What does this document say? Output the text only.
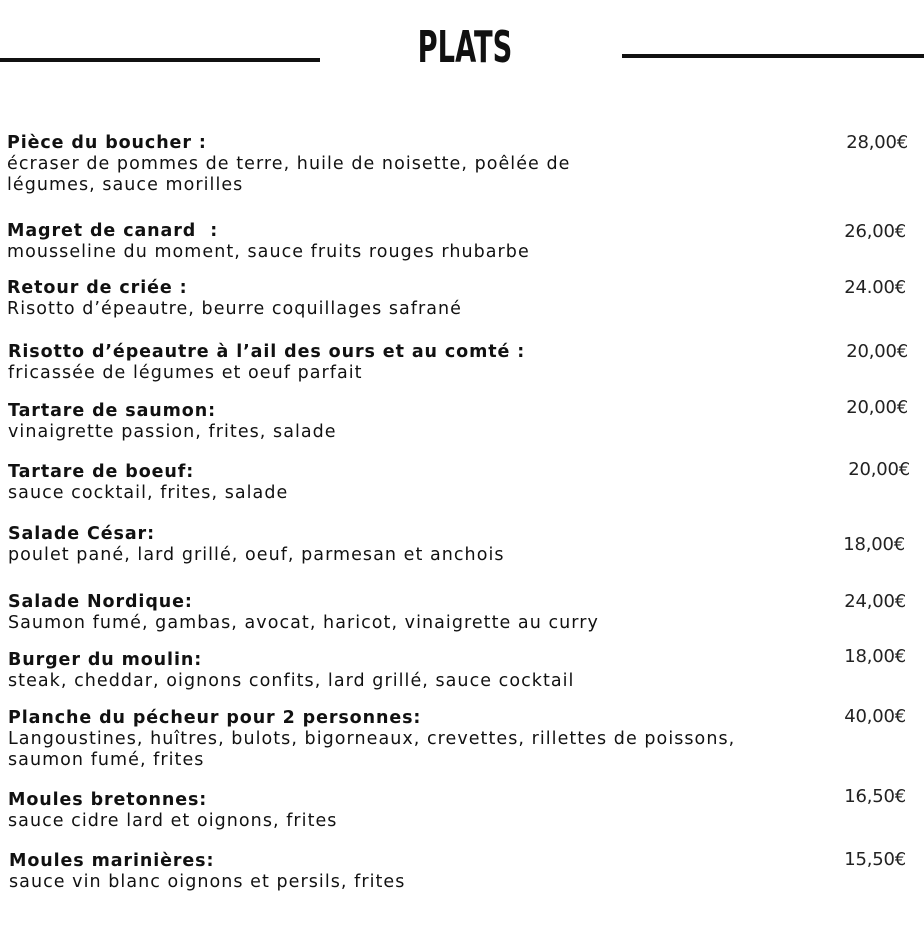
PLATS
Pièce du boucher :
écraser de pommes de terre, huile de noisette, poêlée de
légumes, sauce morilles
28,00€
Magret de canard  :
mousseline du moment, sauce fruits rouges rhubarbe
26,00€
Retour de criée :
Risotto d’épeautre, beurre coquillages safrané
24.00€
Risotto d’épeautre à l’ail des ours et au comté :
fricassée de légumes et oeuf parfait
20,00€
Tartare de saumon:
vinaigrette passion, frites, salade
20,00€
Tartare de boeuf:
sauce cocktail, frites, salade
20,00€
Salade César:
poulet pané, lard grillé, oeuf, parmesan et anchois	18,00€
Salade Nordique:
Saumon fumé, gambas, avocat, haricot, vinaigrette au curry
24,00€
Burger du moulin:
steak, cheddar, oignons confits, lard grillé, sauce cocktail
18,00€
Planche du pécheur pour 2 personnes:
Langoustines, huîtres, bulots, bigorneaux, crevettes, rillettes de poissons,
saumon fumé, frites
40,00€
Moules bretonnes:
sauce cidre lard et oignons, frites
16,50€
Moules marinières:
sauce vin blanc oignons et persils, frites
15,50€
